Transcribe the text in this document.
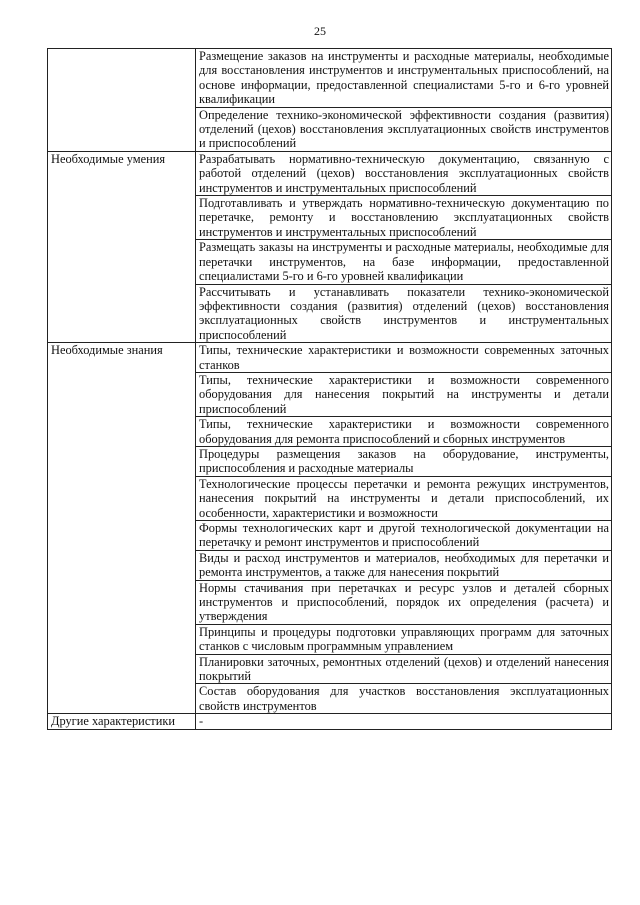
25
	Размещение заказов на инструменты и расходные материалы, необходимые для восстановления инструментов и инструментальных приспособлений, на основе информации, предоставленной специалистами 5-го и 6-го уровней квалификации
	Определение технико-экономической эффективности создания (развития) отделений (цехов) восстановления эксплуатационных свойств инструментов и приспособлений
Необходимые умения	Разрабатывать нормативно-техническую документацию, связанную с работой отделений (цехов) восстановления эксплуатационных свойств инструментов и инструментальных приспособлений
	Подготавливать и утверждать нормативно-техническую документацию по перетачке, ремонту и восстановлению эксплуатационных свойств инструментов и инструментальных приспособлений
	Размещать заказы на инструменты и расходные материалы, необходимые для перетачки инструментов, на базе информации, предоставленной специалистами 5-го и 6-го уровней квалификации
	Рассчитывать и устанавливать показатели технико-экономической эффективности создания (развития) отделений (цехов) восстановления эксплуатационных свойств инструментов и инструментальных приспособлений
Необходимые знания	Типы, технические характеристики и возможности современных заточных станков
	Типы, технические характеристики и возможности современного оборудования для нанесения покрытий на инструменты и детали приспособлений
	Типы, технические характеристики и возможности современного оборудования для ремонта приспособлений и сборных инструментов
	Процедуры размещения заказов на оборудование, инструменты, приспособления и расходные материалы
	Технологические процессы перетачки и ремонта режущих инструментов, нанесения покрытий на инструменты и детали приспособлений, их особенности, характеристики и возможности
	Формы технологических карт и другой технологической документации на перетачку и ремонт инструментов и приспособлений
	Виды и расход инструментов и материалов, необходимых для перетачки и ремонта инструментов, а также для нанесения покрытий
	Нормы стачивания при перетачках и ресурс узлов и деталей сборных инструментов и приспособлений, порядок их определения (расчета) и утверждения
	Принципы и процедуры подготовки управляющих программ для заточных станков с числовым программным управлением
	Планировки заточных, ремонтных отделений (цехов) и отделений нанесения покрытий
	Состав оборудования для участков восстановления эксплуатационных свойств инструментов
Другие характеристики	-
